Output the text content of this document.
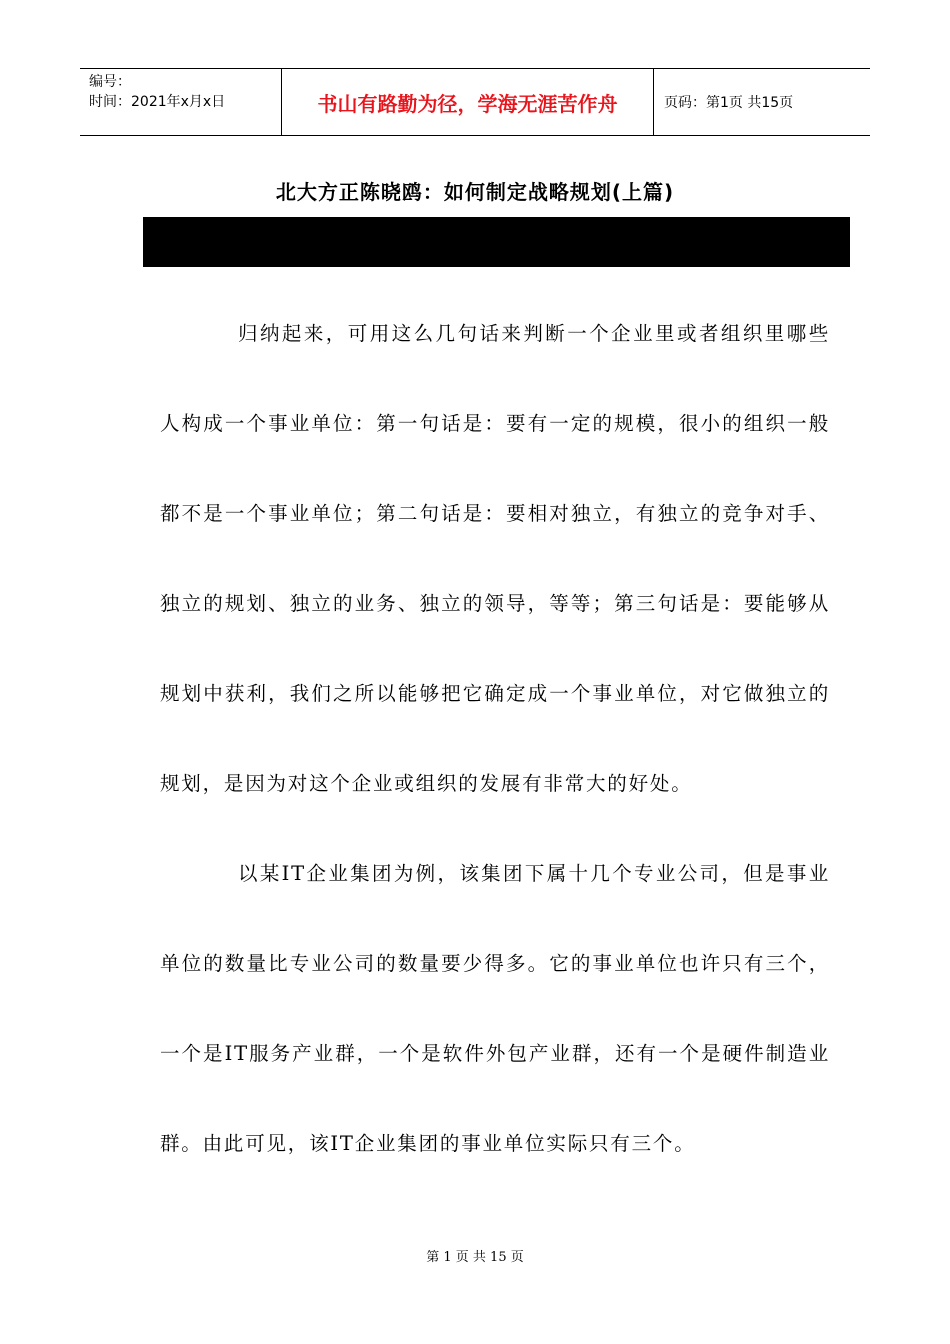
编号：
时间：2021年x月x日	书山有路勤为径，学海无涯苦作舟	页码：第1页 共15页
北大方正陈晓鸥：如何制定战略规划(上篇)

归纳起来，可用这么几句话来判断一个企业里或者组织里哪些人构成一个事业单位：第一句话是：要有一定的规模，很小的组织一般都不是一个事业单位；第二句话是：要相对独立，有独立的竞争对手、独立的规划、独立的业务、独立的领导，等等；第三句话是：要能够从规划中获利，我们之所以能够把它确定成一个事业单位，对它做独立的规划，是因为对这个企业或组织的发展有非常大的好处。

以某IT企业集团为例，该集团下属十几个专业公司，但是事业单位的数量比专业公司的数量要少得多。它的事业单位也许只有三个，一个是IT服务产业群，一个是软件外包产业群，还有一个是硬件制造业群。由此可见，该IT企业集团的事业单位实际只有三个。

第 1 页 共 15 页
